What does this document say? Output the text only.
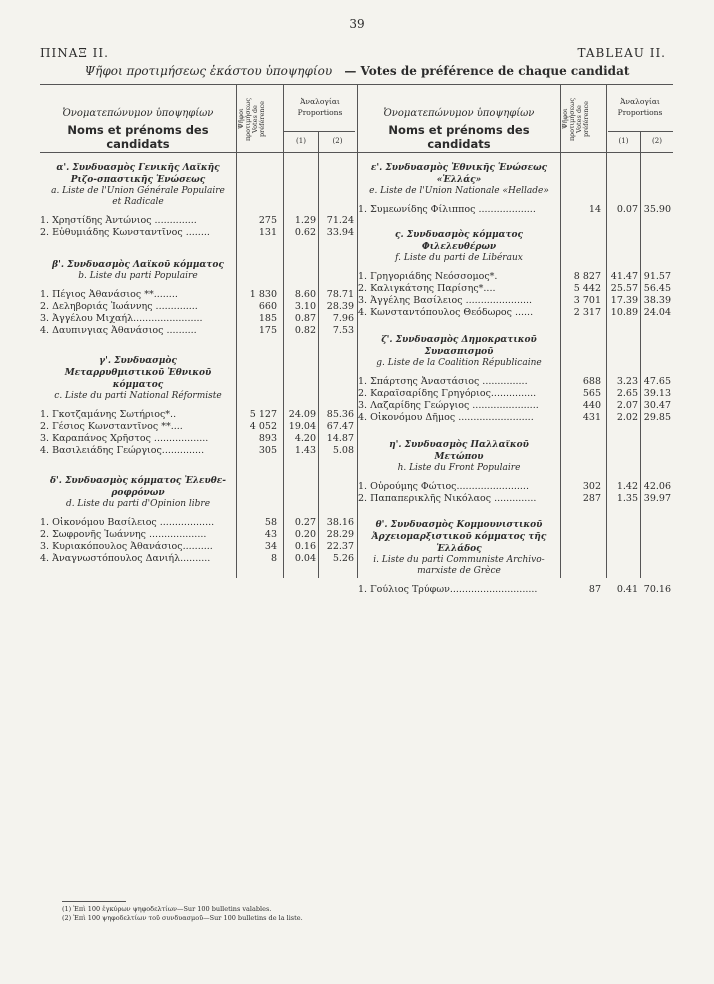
39
ΠΙΝΑΞ ΙΙ.	TABLEAU II.
Ψῆφοι προτιμήσεως ἑκάστου ὑποψηφίου — Votes de préférence de chaque candidat
Ὀνοματεπώνυμον ὑποψηφίων
Noms et prénoms des candidats
Ψῆφοι προτιμήσεως Votes de préférence	Ἀναλογίαι
Proportions
(1)	(2)
Ὀνοματεπώνυμον ὑποψηφίων
Noms et prénoms des candidats
Ψῆφοι προτιμήσεως Votes de préférence	Ἀναλογίαι
Proportions
(1)	(2)
α'. Συνδυασμὸς Γενικῆς Λαϊκῆς Ριζο-σπαστικῆς Ἑνώσεως
a. Liste de l'Union Générale Populaire et Radicale
1. Χρηστίδης Ἀντώνιος ..............	275	1.29	71.24
2. Εὐθυμιάδης Κωνσταντῖνος ........	131	0.62	33.94
β'. Συνδυασμὸς Λαϊκοῦ κόμματος
b. Liste du parti Populaire
1. Πέγιος Ἀθανάσιος **........	1 830	8.60	78.71
2. Δεληβοριάς Ἰωάννης ..............	660	3.10	28.39
3. Ἀγγέλου Μιχαήλ.......................	185	0.87	7.96
4. Δαυπινγιας Ἀθανάσιος ..........	175	0.82	7.53
γ'. Συνδυασμὸς Μεταρρυθμιστικοῦ Ἐθνικοῦ κόμματος
c. Liste du parti National Réformiste
1. Γκοτζαμάνης Σωτήριος*..	5 127	24.09	85.36
2. Γέσιος Κωνσταντῖνος **....	4 052	19.04	67.47
3. Καραπάνος Χρῆστος ..................	893	4.20	14.87
4. Βασιλειάδης Γεώργιος..............	305	1.43	5.08
δ'. Συνδυασμὸς κόμματος Ἐλευθε-ροφρόνων
d. Liste du parti d'Opinion libre
1. Οἰκονόμου Βασίλειος ..................	58	0.27	38.16
2. Σωφρονῆς Ἰωάννης ...................	43	0.20	28.29
3. Κυριακόπουλος Ἀθανάσιος..........	34	0.16	22.37
4. Ἀναγνωστόπουλος Δανιήλ..........	8	0.04	5.26
ε'. Συνδυασμὸς Ἐθνικῆς Ἑνώσεως «Ἑλλάς»
e. Liste de l'Union Nationale «Hellade»
1. Συμεωνίδης Φίλιππος ...................	14	0.07 35.90
ς. Συνδυασμὸς κόμματος Φιλελευθέρων
f. Liste du parti de Libéraux
1. Γρηγοριάδης Νεόσσομος*.	8 827	41.47 91.57
2. Καλιγκάτσης Παρίσης*....	5 442	25.57 56.45
3. Ἀγγέλης Βασίλειος ......................	3 701	17.39 38.39
4. Κωνσταντόπουλος Θεόδωρος ......	2 317	10.89 24.04
ζ'. Συνδυασμὸς Δημοκρατικοῦ Συνασπισμοῦ
g. Liste de la Coalition Républicaine
1. Σπάρτσης Ἀναστάσιος ...............	688	3.23 47.65
2. Καραϊσαρίδης Γρηγόριος...............	565	2.65 39.13
3. Λαζαρίδης Γεώργιος ......................	440	2.07 30.47
4. Οἰκονόμου Δῆμος .........................	431	2.02 29.85
η'. Συνδυασμὸς Παλλαϊκοῦ Μετώπου
h. Liste du Front Populaire
1. Οὐρούμης Φώτιος........................	302	1.42 42.06
2. Παπαπερικλῆς Νικόλαος ..............	287	1.35 39.97
θ'. Συνδυασμὸς Κομμουνιστικοῦ Ἀρχειομαρξιστικοῦ κόμματος τῆς Ἑλλάδος
i. Liste du parti Communiste Archivo-marxiste de Grèce
1. Γούλιος Τρύφων.............................	87	0.41 70.16
(1) Ἐπὶ 100 ἐγκύρων ψηφοδελτίων—Sur 100 bulletins valables.
(2) Ἐπὶ 100 ψηφοδελτίων τοῦ συνδυασμοῦ—Sur 100 bulletins de la liste.
